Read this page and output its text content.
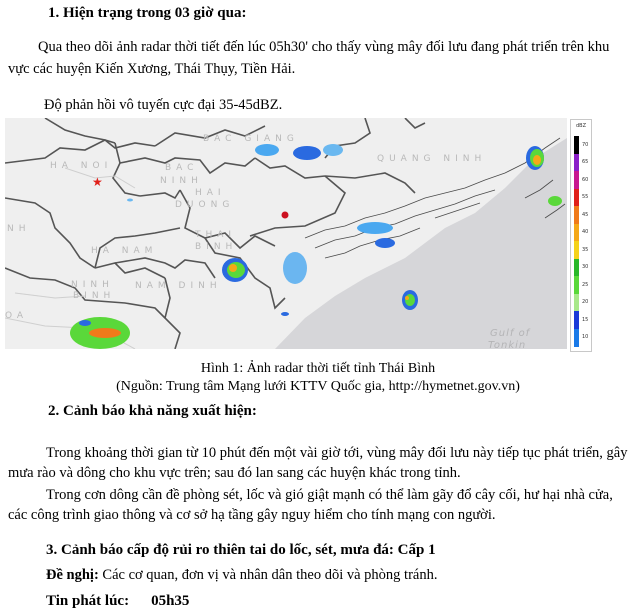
1. Hiện trạng trong 03 giờ qua:
Qua theo dõi ảnh radar thời tiết đến lúc 05h30' cho thấy vùng mây đối lưu đang phát triển trên khu vực các huyện Kiến Xương, Thái Thụy, Tiền Hải.
Độ phản hồi vô tuyến cực đại 35-45dBZ.
★
BAC GIANG
HA NOI	BAC
NINH
HAI
DUONG
QUANG NINH
NH
HA NAM
THAI
BINH
NINH
BINH
NAM DINH
OA
Gulf of
Tonkin
dBZ
70
65
60
55
45
40
35
30
25
20
15
10
Hình 1: Ảnh radar thời tiết tỉnh Thái Bình
(Nguồn: Trung tâm Mạng lưới KTTV Quốc gia, http://hymetnet.gov.vn)
2. Cảnh báo khả năng xuất hiện:
Trong khoảng thời gian từ 10 phút đến một vài giờ tới, vùng mây đối lưu này tiếp tục phát triển, gây mưa rào và dông cho khu vực trên; sau đó lan sang các huyện khác trong tỉnh.
Trong cơn dông cần đề phòng sét, lốc và gió giật mạnh có thể làm gãy đổ cây cối, hư hại nhà cửa, các công trình giao thông và cơ sở hạ tầng gây nguy hiểm cho tính mạng con người.
3. Cảnh báo cấp độ rủi ro thiên tai do lốc, sét, mưa đá: Cấp 1
Đề nghị: Các cơ quan, đơn vị và nhân dân theo dõi và phòng tránh.
Tin phát lúc: 05h35
